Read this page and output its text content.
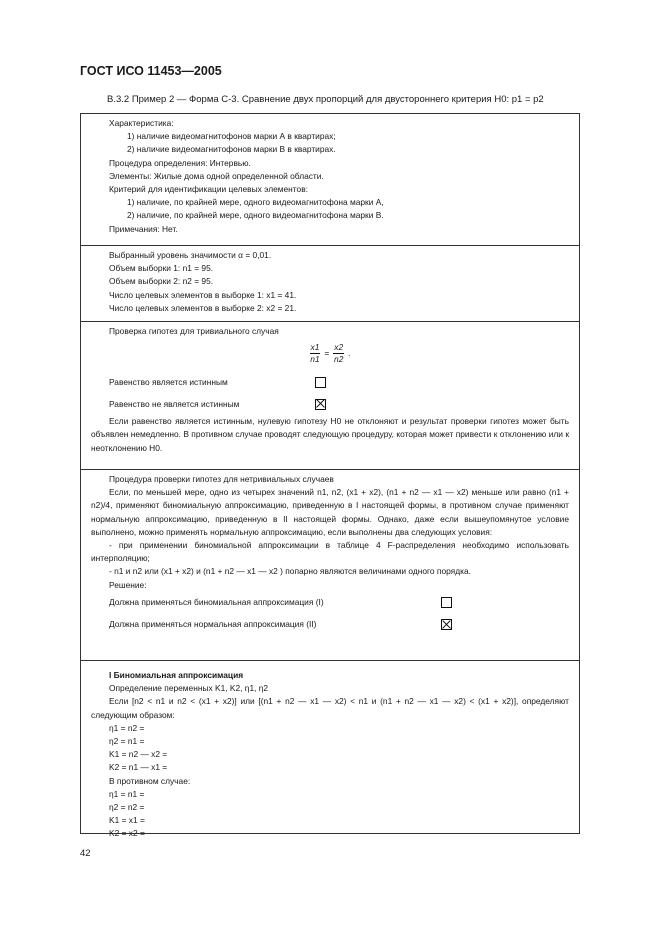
ГОСТ ИСО 11453—2005
В.3.2 Пример 2 — Форма С-3. Сравнение двух пропорций для двустороннего критерия H0: p1 = p2
Характеристика:
1) наличие видеомагнитофонов марки А в квартирах;
2) наличие видеомагнитофонов марки В в квартирах.
Процедура определения: Интервью.
Элементы: Жилые дома одной определенной области.
Критерий для идентификации целевых элементов:
1) наличие, по крайней мере, одного видеомагнитофона марки А,
2) наличие, по крайней мере, одного видеомагнитофона марки В.
Примечания: Нет.
Выбранный уровень значимости α = 0,01.
Объем выборки 1: n1 = 95.
Объем выборки 2: n2 = 95.
Число целевых элементов в выборке 1: x1 = 41.
Число целевых элементов в выборке 2: x2 = 21.
Проверка гипотез для тривиального случая
$\frac{x1}{n1} = \frac{x2}{n2}$ .
Равенство является истинным
Равенство не является истинным
Если равенство является истинным, нулевую гипотезу H0 не отклоняют и результат проверки гипотез может быть объявлен немедленно. В противном случае проводят следующую процедуру, которая может привести к отклонению или к неотклонению H0.
Процедура проверки гипотез для нетривиальных случаев
Если, по меньшей мере, одно из четырех значений n1, n2, (x1 + x2), (n1 + n2 — x1 — x2) меньше или равно (n1 + n2)/4, применяют биномиальную аппроксимацию, приведенную в I настоящей формы, в противном случае применяют нормальную аппроксимацию, приведенную в II настоящей формы. Однако, даже если вышеупомянутое условие выполнено, можно применять нормальную аппроксимацию, если выполнены два следующих условия:
- при применении биномиальной аппроксимации в таблице 4 F-распределения необходимо использовать интерполяцию;
- n1 и n2 или (x1 + x2) и (n1 + n2 — x1 — x2 ) попарно являются величинами одного порядка.
Решение:
Должна применяться биномиальная аппроксимация (I)
Должна применяться нормальная аппроксимация (II)
I Биномиальная аппроксимация
Определение переменных K1, K2, η1, η2
Если [n2 < n1 и n2 < (x1 + x2)] или [(n1 + n2 — x1 — x2) < n1 и (n1 + n2 — x1 — x2) < (x1 + x2)], определяют следующим образом:
η1 = n2 =
η2 = n1 =
K1 = n2 — x2 =
K2 = n1 — x1 =
В противном случае:
η1 = n1 =
η2 = n2 =
K1 = x1 =
K2 = x2 =
42
